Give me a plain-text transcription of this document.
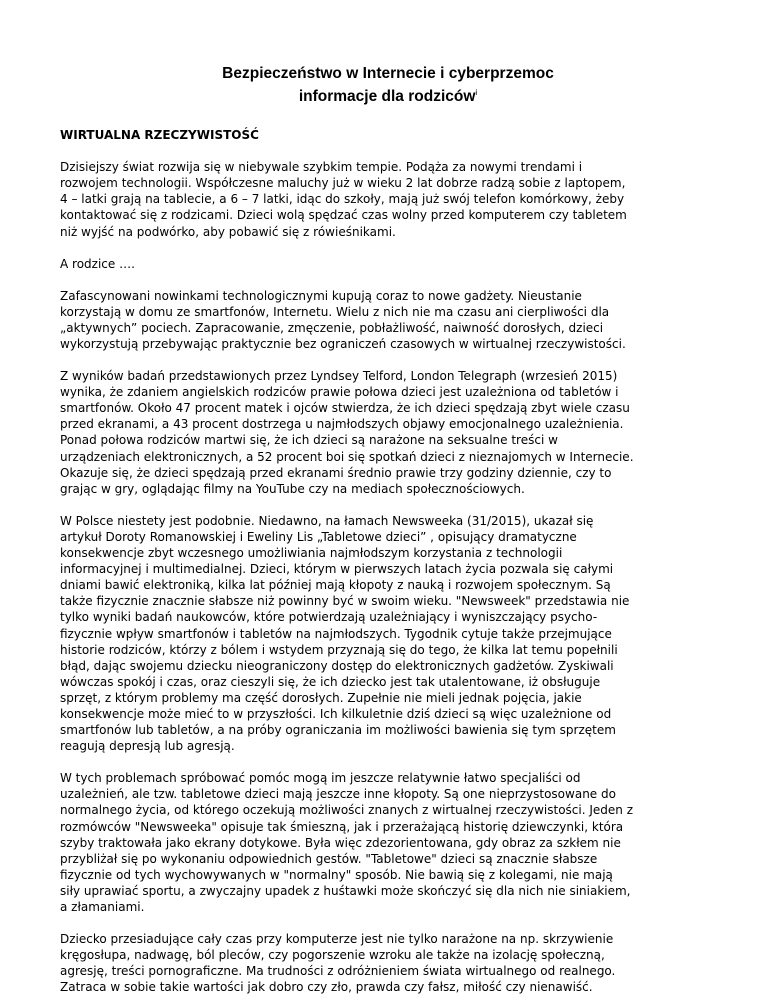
Bezpieczeństwo w Internecie i cyberprzemoc
informacje dla rodziców$^i$
WIRTUALNA RZECZYWISTOŚĆ

Dzisiejszy świat rozwija się w niebywale szybkim tempie. Podąża za nowymi trendami i
rozwojem technologii. Współczesne maluchy już w wieku 2 lat dobrze radzą sobie z laptopem,
4 – latki grają na tablecie, a 6 – 7 latki, idąc do szkoły, mają już swój telefon komórkowy, żeby
kontaktować się z rodzicami. Dzieci wolą spędzać czas wolny przed komputerem czy tabletem
niż wyjść na podwórko, aby pobawić się z rówieśnikami.

A rodzice ….

Zafascynowani nowinkami technologicznymi kupują coraz to nowe gadżety. Nieustanie
korzystają w domu ze smartfonów, Internetu. Wielu z nich nie ma czasu ani cierpliwości dla
„aktywnych” pociech. Zapracowanie, zmęczenie, pobłażliwość, naiwność dorosłych, dzieci
wykorzystują przebywając praktycznie bez ograniczeń czasowych w wirtualnej rzeczywistości.

Z wyników badań przedstawionych przez Lyndsey Telford, London Telegraph (wrzesień 2015)
wynika, że zdaniem angielskich rodziców prawie połowa dzieci jest uzależniona od tabletów i
smartfonów. Około 47 procent matek i ojców stwierdza, że ich dzieci spędzają zbyt wiele czasu
przed ekranami, a 43 procent dostrzega u najmłodszych objawy emocjonalnego uzależnienia.
Ponad połowa rodziców martwi się, że ich dzieci są narażone na seksualne treści w
urządzeniach elektronicznych, a 52 procent boi się spotkań dzieci z nieznajomych w Internecie.
Okazuje się, że dzieci spędzają przed ekranami średnio prawie trzy godziny dziennie, czy to
grając w gry, oglądając filmy na YouTube czy na mediach społecznościowych.

W Polsce niestety jest podobnie. Niedawno, na łamach Newsweeka (31/2015), ukazał się
artykuł Doroty Romanowskiej i Eweliny Lis „Tabletowe dzieci” , opisujący dramatyczne
konsekwencje zbyt wczesnego umożliwiania najmłodszym korzystania z technologii
informacyjnej i multimedialnej. Dzieci, którym w pierwszych latach życia pozwala się całymi
dniami bawić elektroniką, kilka lat później mają kłopoty z nauką i rozwojem społecznym. Są
także fizycznie znacznie słabsze niż powinny być w swoim wieku. "Newsweek" przedstawia nie
tylko wyniki badań naukowców, które potwierdzają uzależniający i wyniszczający psycho-
fizycznie wpływ smartfonów i tabletów na najmłodszych. Tygodnik cytuje także przejmujące
historie rodziców, którzy z bólem i wstydem przyznają się do tego, że kilka lat temu popełnili
błąd, dając swojemu dziecku nieograniczony dostęp do elektronicznych gadżetów. Zyskiwali
wówczas spokój i czas, oraz cieszyli się, że ich dziecko jest tak utalentowane, iż obsługuje
sprzęt, z którym problemy ma część dorosłych. Zupełnie nie mieli jednak pojęcia, jakie
konsekwencje może mieć to w przyszłości. Ich kilkuletnie dziś dzieci są więc uzależnione od
smartfonów lub tabletów, a na próby ograniczania im możliwości bawienia się tym sprzętem
reagują depresją lub agresją.

W tych problemach spróbować pomóc mogą im jeszcze relatywnie łatwo specjaliści od
uzależnień, ale tzw. tabletowe dzieci mają jeszcze inne kłopoty. Są one nieprzystosowane do
normalnego życia, od którego oczekują możliwości znanych z wirtualnej rzeczywistości. Jeden z
rozmówców "Newsweeka" opisuje tak śmieszną, jak i przerażającą historię dziewczynki, która
szyby traktowała jako ekrany dotykowe. Była więc zdezorientowana, gdy obraz za szkłem nie
przybliżał się po wykonaniu odpowiednich gestów. "Tabletowe" dzieci są znacznie słabsze
fizycznie od tych wychowywanych w "normalny" sposób. Nie bawią się z kolegami, nie mają
siły uprawiać sportu, a zwyczajny upadek z huśtawki może skończyć się dla nich nie siniakiem,
a złamaniami.

Dziecko przesiadujące cały czas przy komputerze jest nie tylko narażone na np. skrzywienie
kręgosłupa, nadwagę, ból pleców, czy pogorszenie wzroku ale także na izolację społeczną,
agresję, treści pornograficzne. Ma trudności z odróżnieniem świata wirtualnego od realnego.
Zatraca w sobie takie wartości jak dobro czy zło, prawda czy fałsz, miłość czy nienawiść.
